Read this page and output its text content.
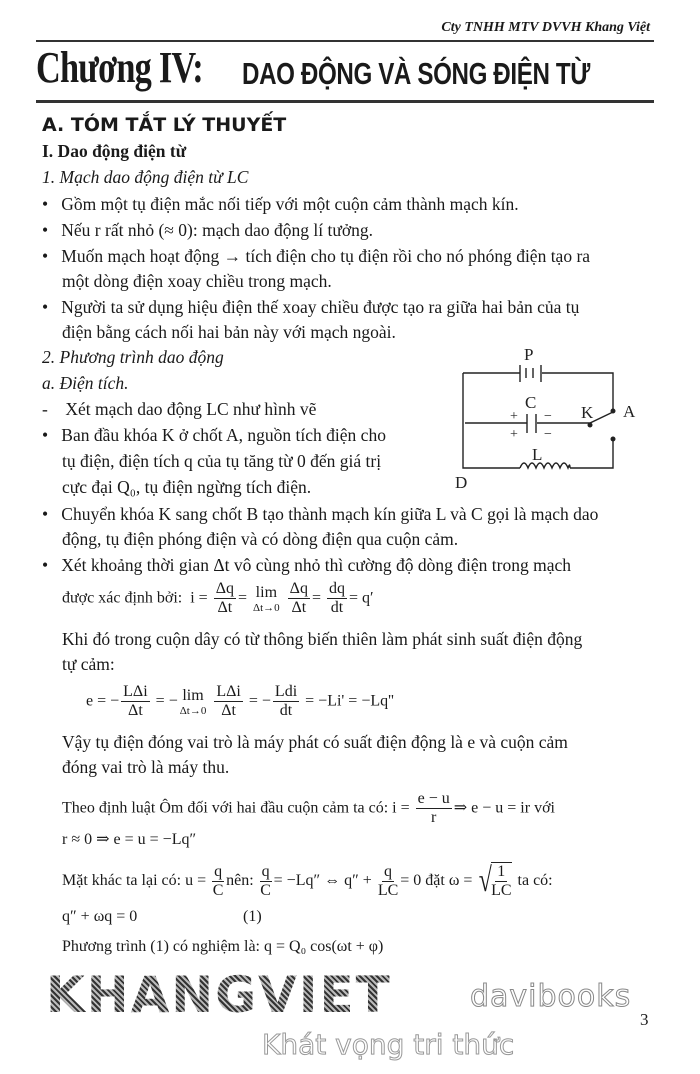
Cty TNHH MTV DVVH Khang Việt
Chương IV: DAO ĐỘNG VÀ SÓNG ĐIỆN TỪ
A. TÓM TẮT LÝ THUYẾT
I. Dao động điện từ
1. Mạch dao động điện từ LC
•   Gồm một tụ điện mắc nối tiếp với một cuộn cảm thành mạch kín.
•   Nếu r rất nhỏ (≈ 0): mạch dao động lí tưởng.
•   Muốn mạch hoạt động → tích điện cho tụ điện rồi cho nó phóng điện tạo ra
một dòng điện xoay chiều trong mạch.
•   Người ta sử dụng hiệu điện thế xoay chiều được tạo ra giữa hai bản của tụ
điện bằng cách nối hai bản này với mạch ngoài.
2. Phương trình dao động
a. Điện tích.
-    Xét mạch dao động LC như hình vẽ
•   Ban đầu khóa K ở chốt A, nguồn tích điện cho
tụ điện, điện tích q của tụ tăng từ 0 đến giá trị
cực đại Q₀, tụ điện ngừng tích điện.
•   Chuyển khóa K sang chốt B tạo thành mạch kín giữa L và C gọi là mạch dao
động, tụ điện phóng điện và có dòng điện qua cuộn cảm.
•   Xét khoảng thời gian Δt vô cùng nhỏ thì cường độ dòng điện trong mạch
P
C
K A
L
D
+
+
−
−
được xác định bởi: $i = \frac{\Delta q}{\Delta t} = \lim$
Δt→0
$\frac{\Delta q}{\Delta t} = \frac{dq}{dt} = q'$
Khi đó trong cuộn dây có từ thông biến thiên làm phát sinh suất điện động
tự cảm:
e = − $\frac{\text{LΔi}}{\Delta t}$ = − lim
Δt→0
$\frac{\text{LΔi}}{\Delta t}$ = − $\frac{\text{Ldi}}{dt} = -Li' = -Lq''$
Vậy tụ điện đóng vai trò là máy phát có suất điện động là e và cuộn cảm
đóng vai trò là máy thu.
Theo định luật Ôm đối với hai đầu cuộn cảm ta có: $i = \frac{e - u}{r}$ ⇒ e − u = ir với
r ≈ 0 ⇒ e = u = −Lq″
Mặt khác ta lại có: $u = \frac{q}{C}$ nên: $\frac{q}{C} = -Lq''$ ⇔ $q'' + \frac{q}{LC} = 0$ đặt ω = √
$\frac{1}{LC}$ ta có:
q″ + ωq = 0	(1)
Phương trình (1) có nghiệm là: q = Q₀ cos(ωt + φ)
KHANGVIET	davibooks
Khát vọng tri thức
3
